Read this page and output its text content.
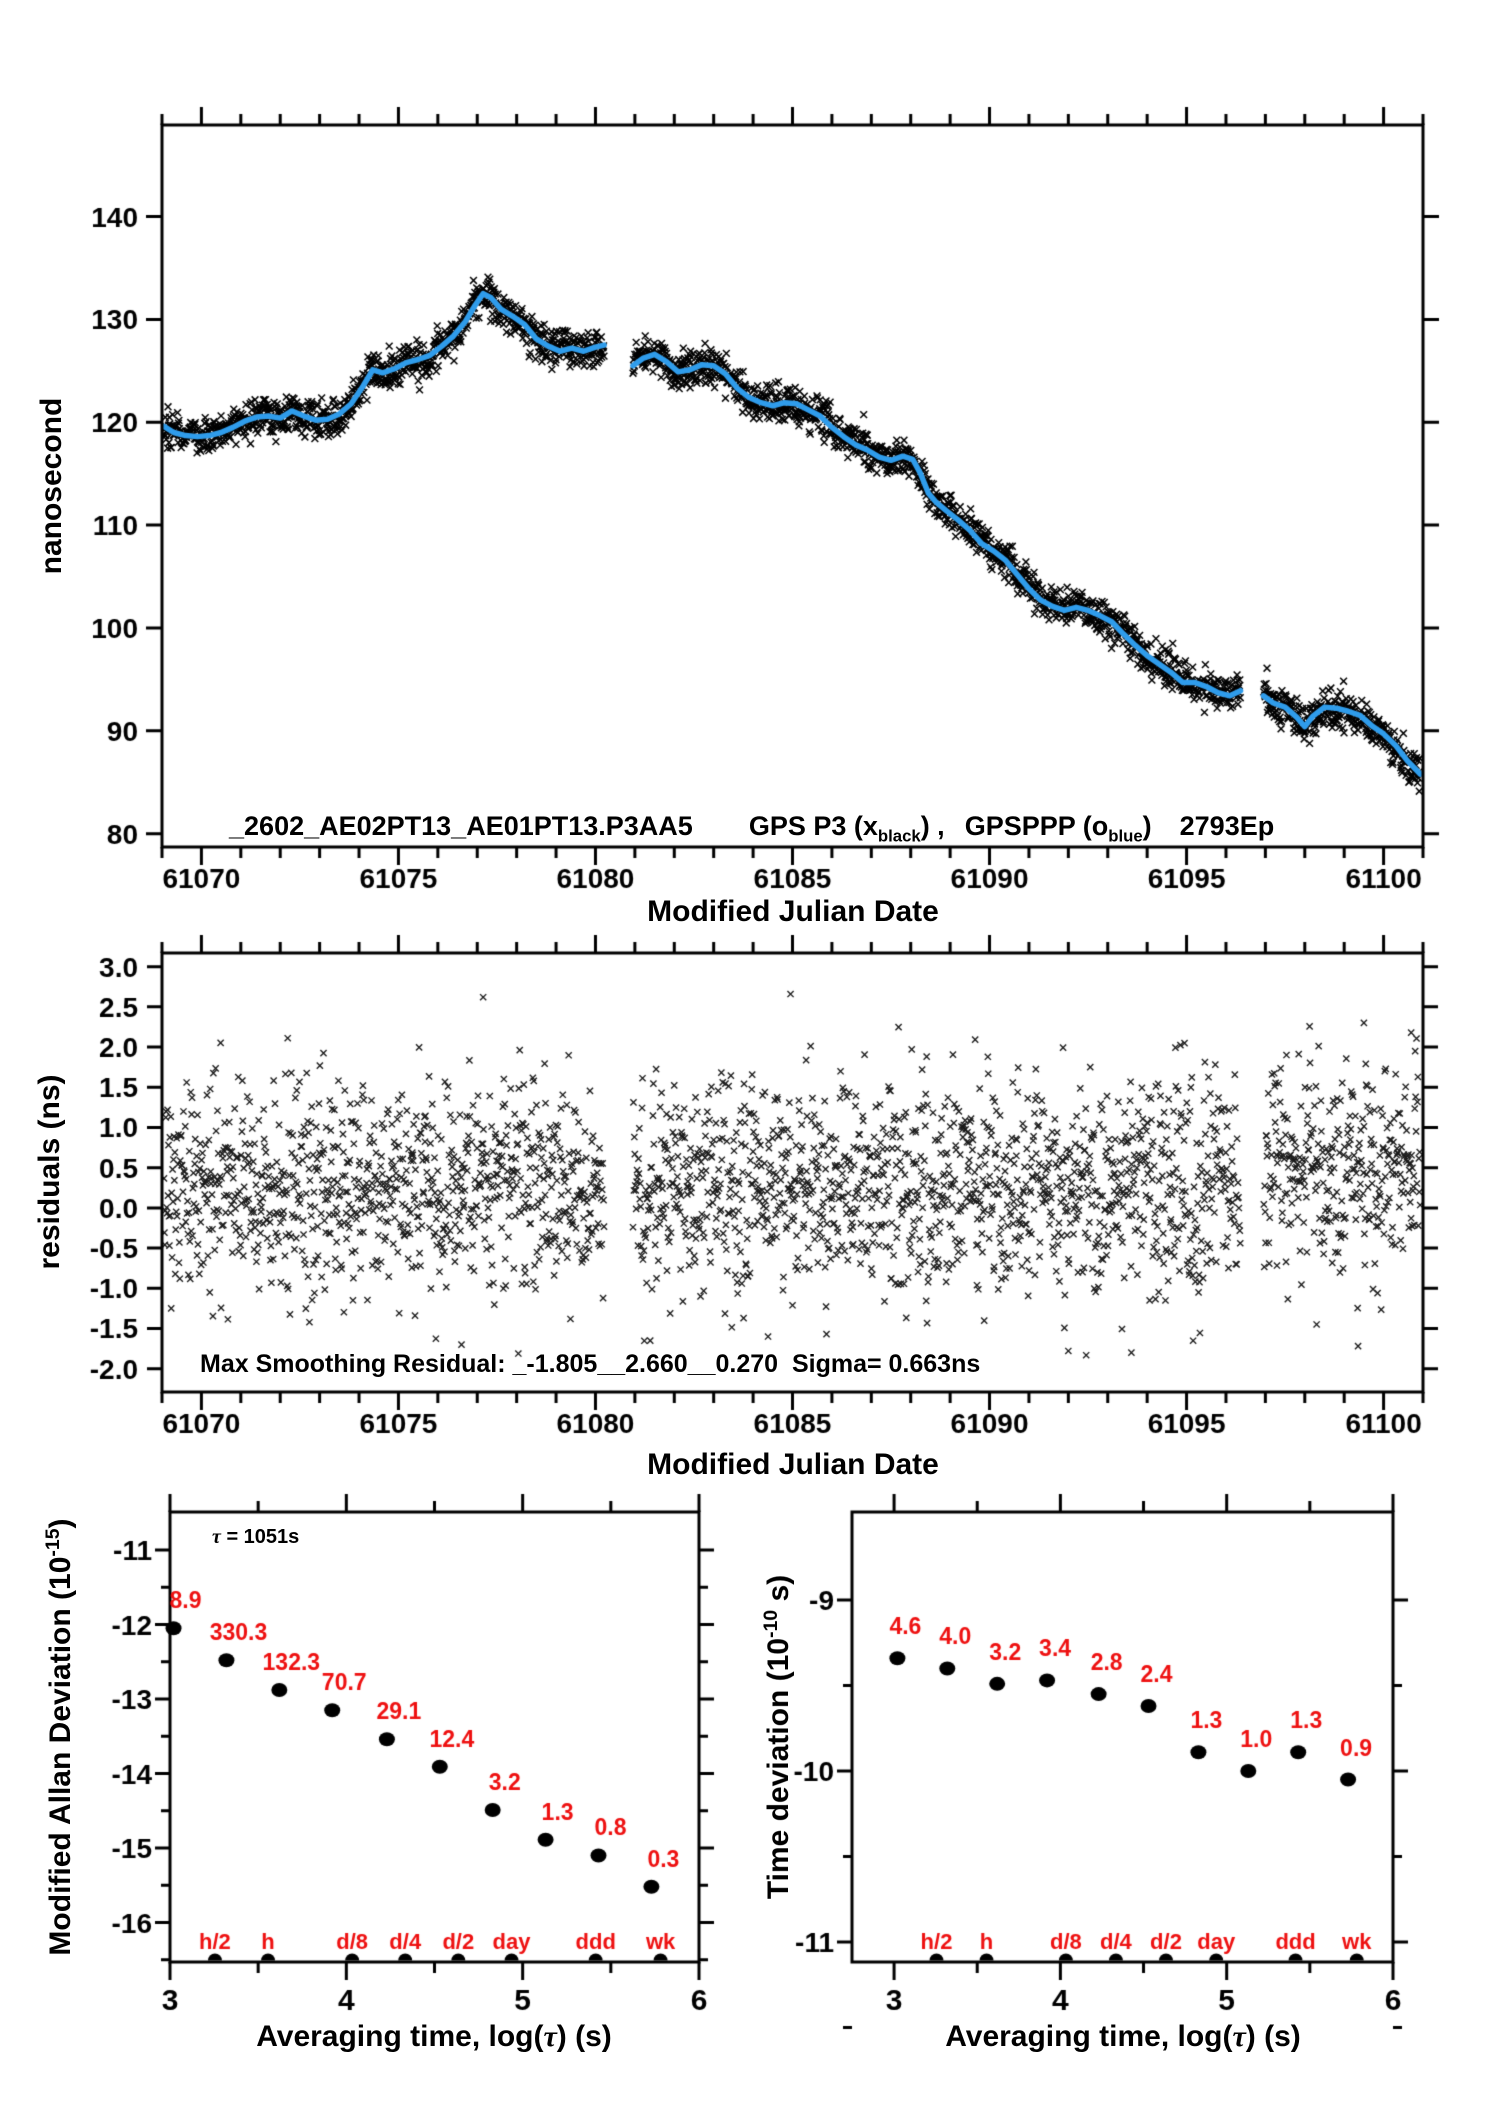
_2602_AE02PT13_AE01PT13.P3AA5 GPS P3 $(x_{black})$ , GPSPPP $(o_{blue})$ 2793Ep

nanosecond
Modified Julian Date
residuals (ns)
Max Smoothing Residual: _-1.805__2.660__0.270  Sigma= 0.663ns
Modified Julian Date
Modified Allan Deviation $(10^{-15})$
τ = 1051s
Averaging time, log(τ) (s)
Time deviation ($10^{-10}$ s)
Averaging time, log(τ) (s)
